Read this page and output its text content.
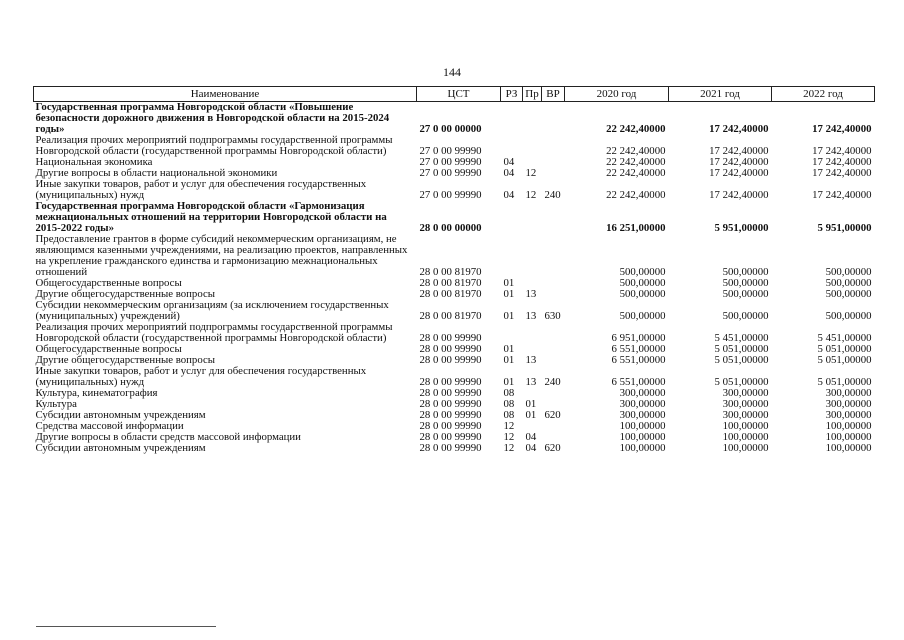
144
Наименование	ЦСТ	РЗ	Пр	ВР	2020 год	2021 год	2022 год
Государственная программа Новгородской области «Повышение безопасности дорожного движения в Новгородской области на 2015-2024 годы»	27 0 00 00000				22 242,40000	17 242,40000	17 242,40000
Реализация прочих мероприятий подпрограммы государственной программы Новгородской области (государственной программы Новгородской области)	27 0 00 99990				22 242,40000	17 242,40000	17 242,40000
Национальная экономика	27 0 00 99990	04			22 242,40000	17 242,40000	17 242,40000
Другие вопросы в области национальной экономики	27 0 00 99990	04	12		22 242,40000	17 242,40000	17 242,40000
Иные закупки товаров, работ и услуг для обеспечения государственных (муниципальных) нужд	27 0 00 99990	04	12	240	22 242,40000	17 242,40000	17 242,40000
Государственная программа Новгородской области «Гармонизация межнациональных отношений на территории Новгородской области на 2015-2022 годы»	28 0 00 00000				16 251,00000	5 951,00000	5 951,00000
Предоставление грантов в форме субсидий некоммерческим организациям, не являющимся казенными учреждениями, на реализацию проектов, направленных на укрепление гражданского единства и гармонизацию межнациональных отношений	28 0 00 81970				500,00000	500,00000	500,00000
Общегосударственные вопросы	28 0 00 81970	01			500,00000	500,00000	500,00000
Другие общегосударственные вопросы	28 0 00 81970	01	13		500,00000	500,00000	500,00000
Субсидии некоммерческим организациям (за исключением государственных (муниципальных) учреждений)	28 0 00 81970	01	13	630	500,00000	500,00000	500,00000
Реализация прочих мероприятий подпрограммы государственной программы Новгородской области (государственной программы Новгородской области)	28 0 00 99990				6 951,00000	5 451,00000	5 451,00000
Общегосударственные вопросы	28 0 00 99990	01			6 551,00000	5 051,00000	5 051,00000
Другие общегосударственные вопросы	28 0 00 99990	01	13		6 551,00000	5 051,00000	5 051,00000
Иные закупки товаров, работ и услуг для обеспечения государственных (муниципальных) нужд	28 0 00 99990	01	13	240	6 551,00000	5 051,00000	5 051,00000
Культура, кинематография	28 0 00 99990	08			300,00000	300,00000	300,00000
Культура	28 0 00 99990	08	01		300,00000	300,00000	300,00000
Субсидии автономным учреждениям	28 0 00 99990	08	01	620	300,00000	300,00000	300,00000
Средства массовой информации	28 0 00 99990	12			100,00000	100,00000	100,00000
Другие вопросы в области средств массовой информации	28 0 00 99990	12	04		100,00000	100,00000	100,00000
Субсидии автономным учреждениям	28 0 00 99990	12	04	620	100,00000	100,00000	100,00000
